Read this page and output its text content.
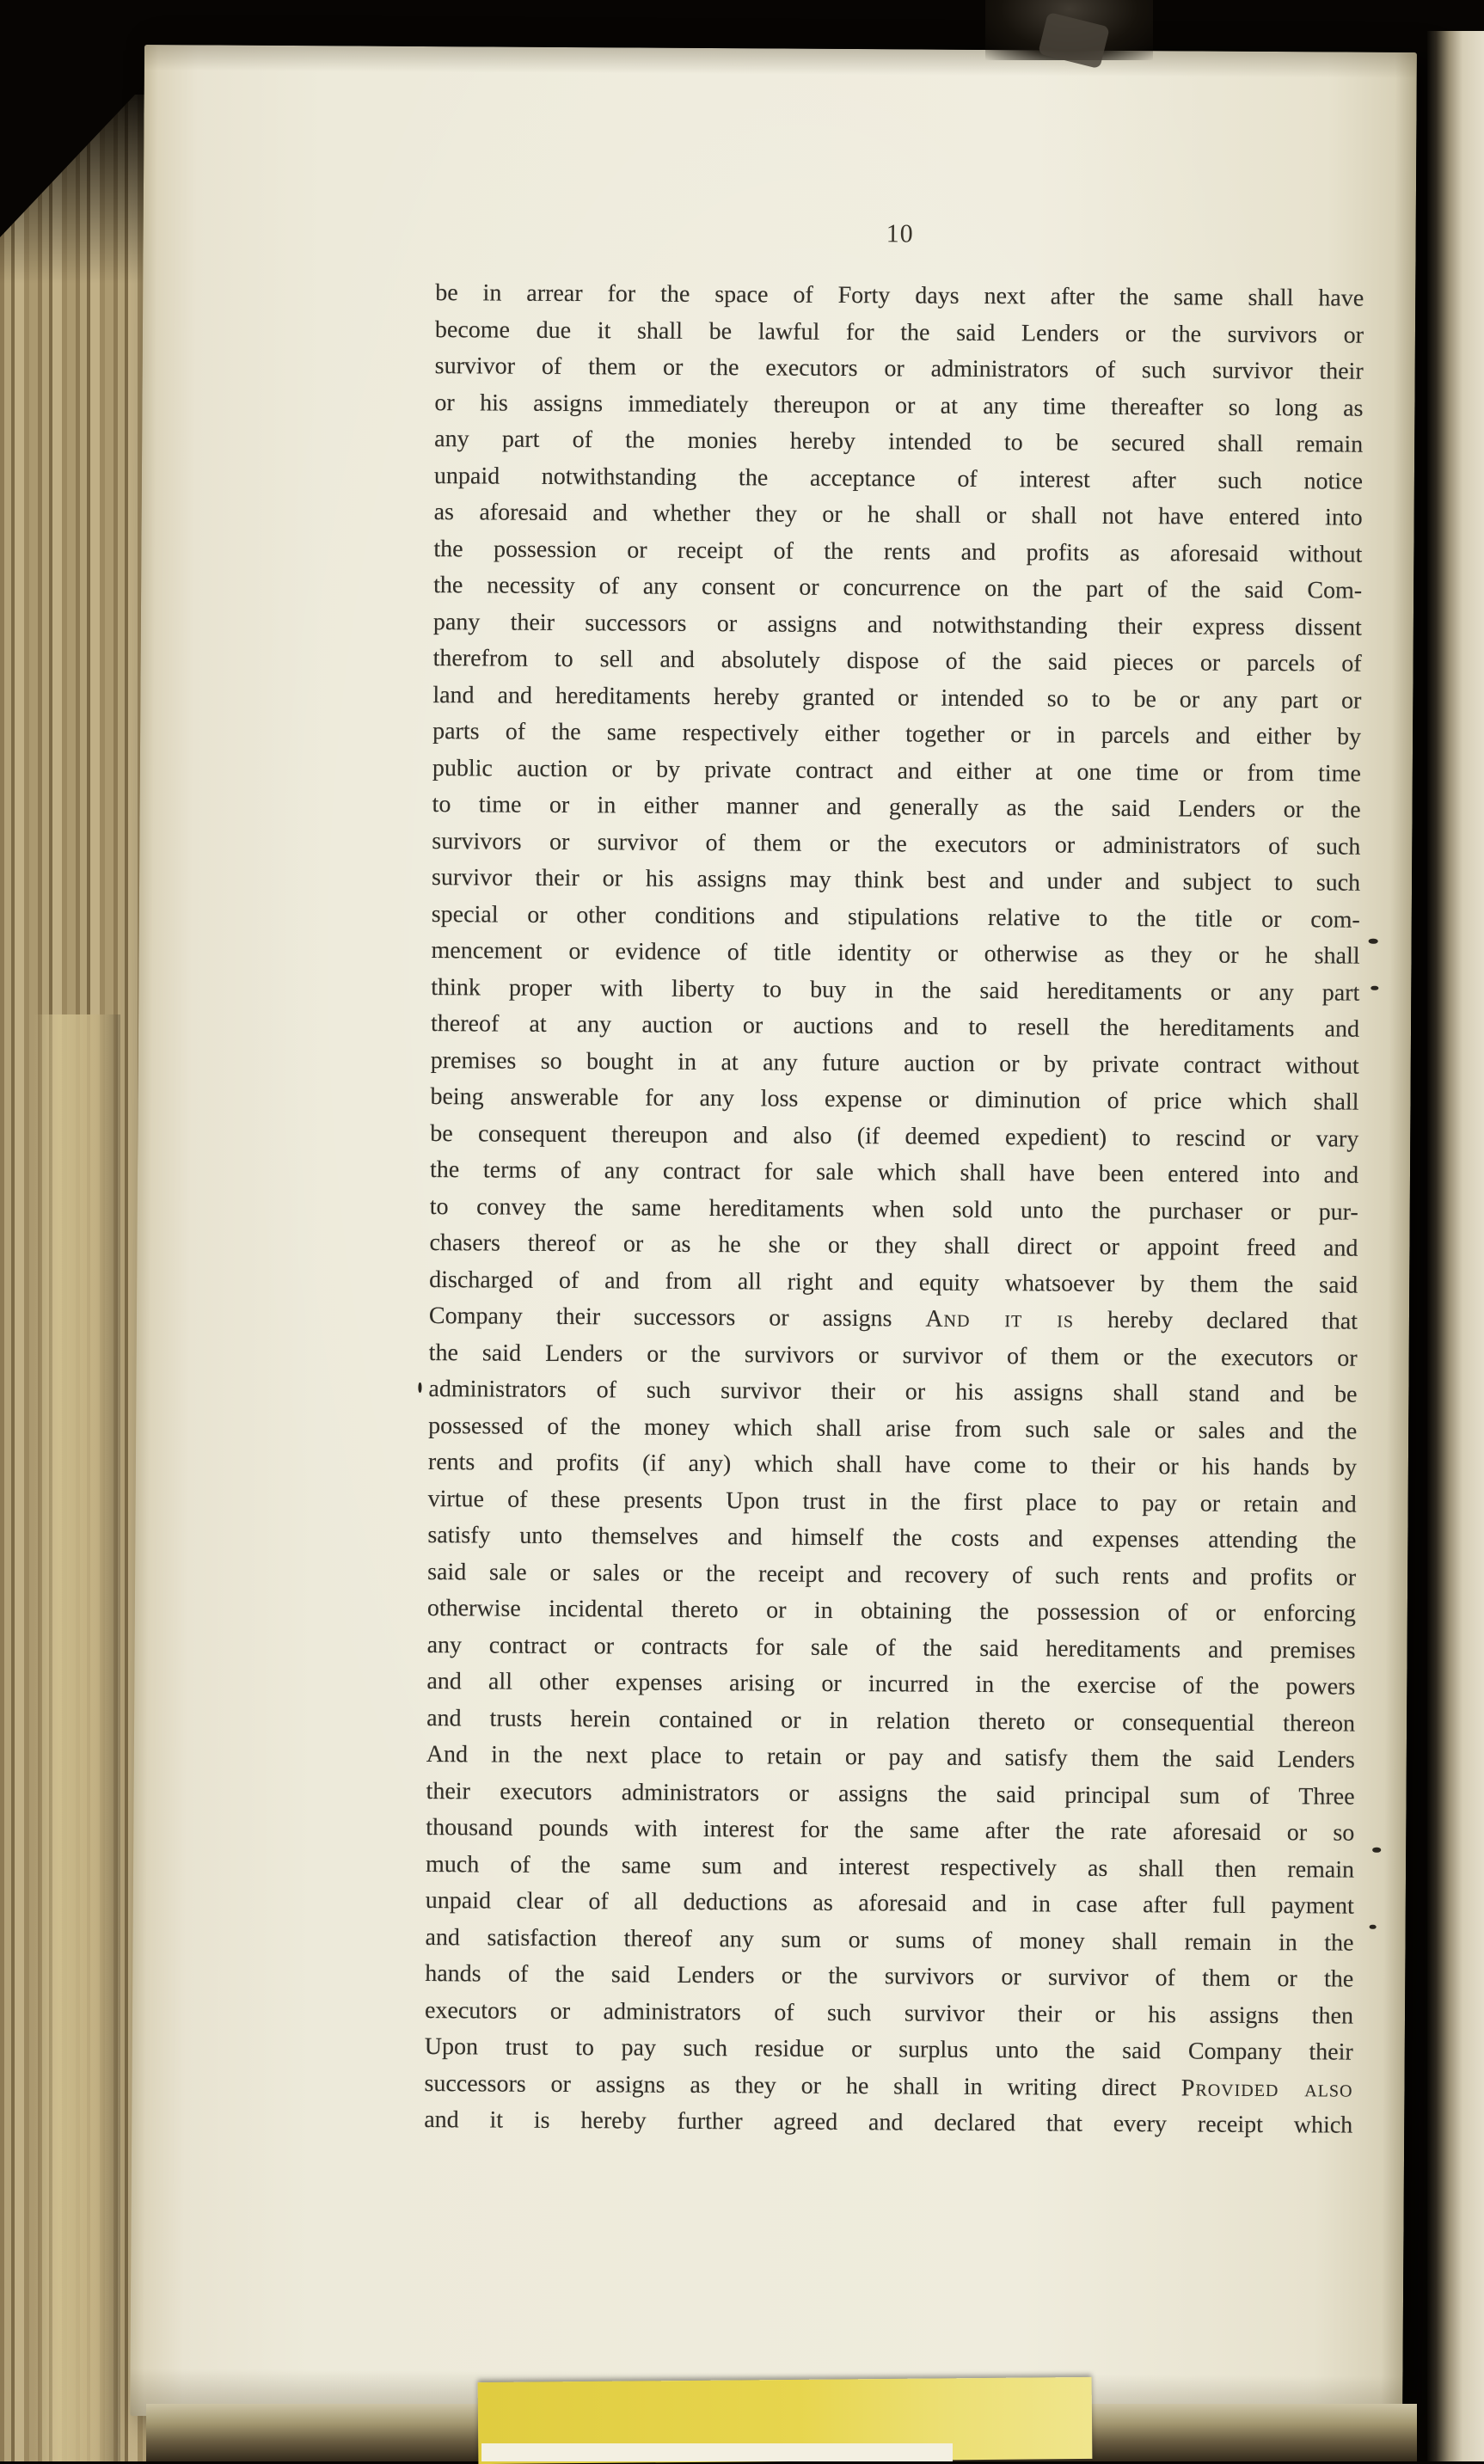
10
be in arrear for the space of Forty days next after the same shall have
become due it shall be lawful for the said Lenders or the survivors or
survivor of them or the executors or administrators of such survivor their
or his assigns immediately thereupon or at any time thereafter so long as
any part of the monies hereby intended to be secured shall remain
unpaid notwithstanding the acceptance of interest after such notice
as aforesaid and whether they or he shall or shall not have entered into
the possession or receipt of the rents and profits as aforesaid without
the necessity of any consent or concurrence on the part of the said Com-
pany their successors or assigns and notwithstanding their express dissent
therefrom to sell and absolutely dispose of the said pieces or parcels of
land and hereditaments hereby granted or intended so to be or any part or
parts of the same respectively either together or in parcels and either by
public auction or by private contract and either at one time or from time
to time or in either manner and generally as the said Lenders or the
survivors or survivor of them or the executors or administrators of such
survivor their or his assigns may think best and under and subject to such
special or other conditions and stipulations relative to the title or com-
mencement or evidence of title identity or otherwise as they or he shall
think proper with liberty to buy in the said hereditaments or any part
thereof at any auction or auctions and to resell the hereditaments and
premises so bought in at any future auction or by private contract without
being answerable for any loss expense or diminution of price which shall
be consequent thereupon and also (if deemed expedient) to rescind or vary
the terms of any contract for sale which shall have been entered into and
to convey the same hereditaments when sold unto the purchaser or pur-
chasers thereof or as he she or they shall direct or appoint freed and
discharged of and from all right and equity whatsoever by them the said
Company their successors or assigns And it is hereby declared that
the said Lenders or the survivors or survivor of them or the executors or
administrators of such survivor their or his assigns shall stand and be
possessed of the money which shall arise from such sale or sales and the
rents and profits (if any) which shall have come to their or his hands by
virtue of these presents Upon trust in the first place to pay or retain and
satisfy unto themselves and himself the costs and expenses attending the
said sale or sales or the receipt and recovery of such rents and profits or
otherwise incidental thereto or in obtaining the possession of or enforcing
any contract or contracts for sale of the said hereditaments and premises
and all other expenses arising or incurred in the exercise of the powers
and trusts herein contained or in relation thereto or consequential thereon
And in the next place to retain or pay and satisfy them the said Lenders
their executors administrators or assigns the said principal sum of Three
thousand pounds with interest for the same after the rate aforesaid or so
much of the same sum and interest respectively as shall then remain
unpaid clear of all deductions as aforesaid and in case after full payment
and satisfaction thereof any sum or sums of money shall remain in the
hands of the said Lenders or the survivors or survivor of them or the
executors or administrators of such survivor their or his assigns then
Upon trust to pay such residue or surplus unto the said Company their
successors or assigns as they or he shall in writing direct Provided also
and it is hereby further agreed and declared that every receipt which
